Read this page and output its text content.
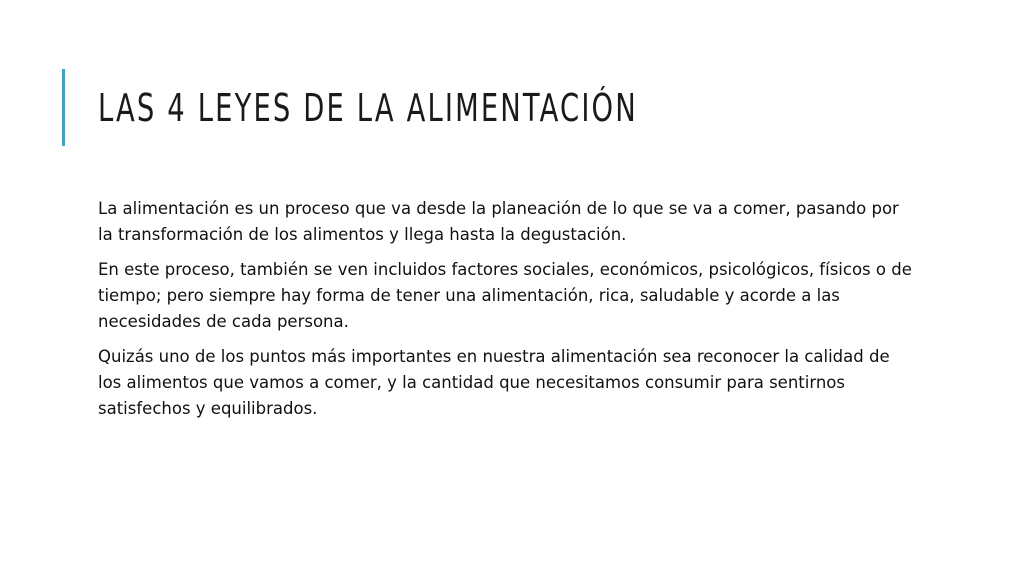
LAS 4 LEYES DE LA ALIMENTACIÓN

La alimentación es un proceso que va desde la planeación de lo que se va a comer, pasando por la transformación de los alimentos y llega hasta la degustación.

En este proceso, también se ven incluidos factores sociales, económicos, psicológicos, físicos o de tiempo; pero siempre hay forma de tener una alimentación, rica, saludable y acorde a las necesidades de cada persona.

Quizás uno de los puntos más importantes en nuestra alimentación sea reconocer la calidad de los alimentos que vamos a comer, y la cantidad que necesitamos consumir para sentirnos satisfechos y equilibrados.
